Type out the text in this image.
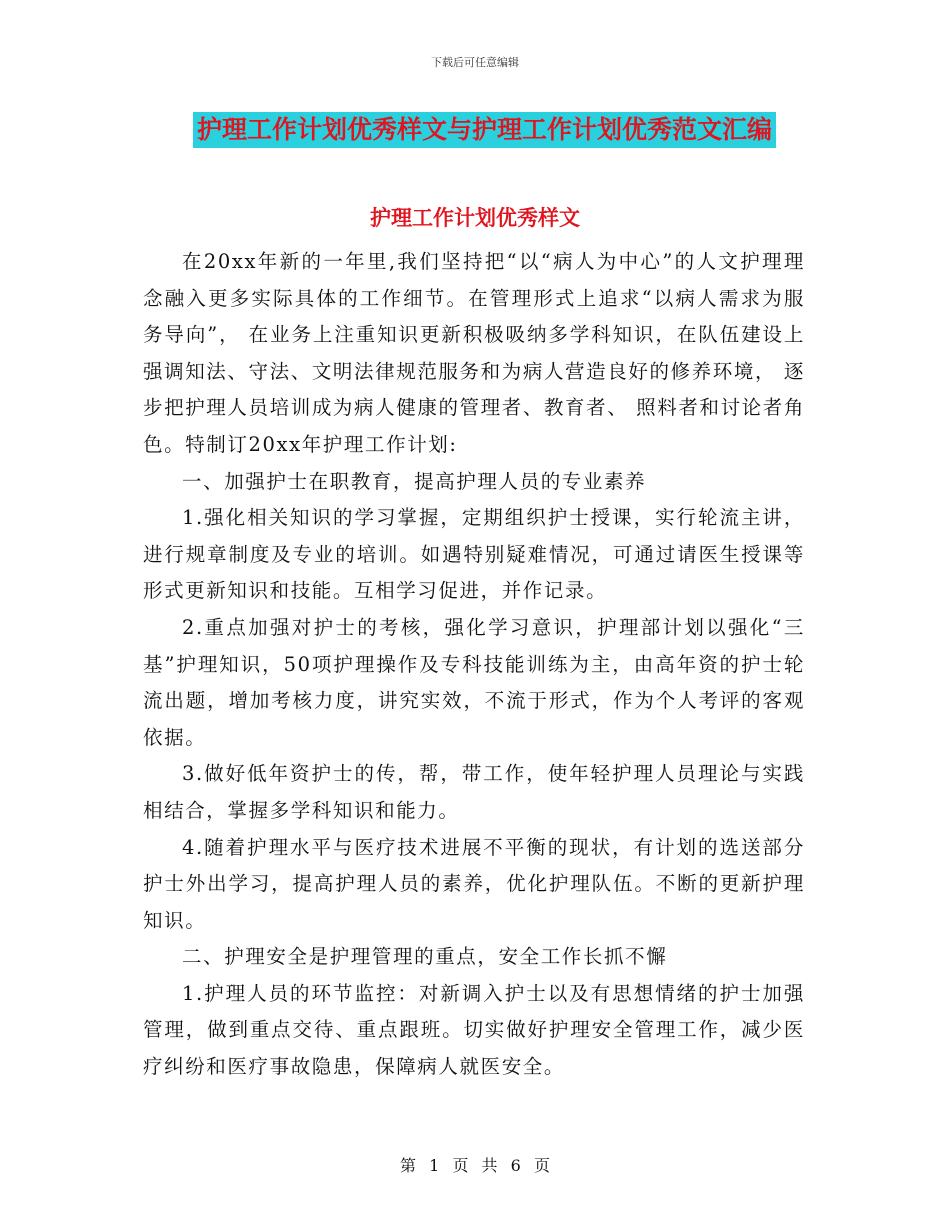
下载后可任意编辑
护理工作计划优秀样文与护理工作计划优秀范文汇编
护理工作计划优秀样文

在20xx年新的一年里,我们坚持把“以“病人为中心”的人文护理理念融入更多实际具体的工作细节。在管理形式上追求“以病人需求为服务导向”， 在业务上注重知识更新积极吸纳多学科知识，在队伍建设上强调知法、守法、文明法律规范服务和为病人营造良好的修养环境， 逐步把护理人员培训成为病人健康的管理者、教育者、 照料者和讨论者角色。特制订20xx年护理工作计划:

一、加强护士在职教育，提高护理人员的专业素养

1.强化相关知识的学习掌握，定期组织护士授课，实行轮流主讲，进行规章制度及专业的培训。如遇特别疑难情况，可通过请医生授课等形式更新知识和技能。互相学习促进，并作记录。

2.重点加强对护士的考核，强化学习意识，护理部计划以强化“三基”护理知识，50项护理操作及专科技能训练为主，由高年资的护士轮流出题，增加考核力度，讲究实效，不流于形式，作为个人考评的客观依据。

3.做好低年资护士的传，帮，带工作，使年轻护理人员理论与实践相结合，掌握多学科知识和能力。

4.随着护理水平与医疗技术进展不平衡的现状，有计划的选送部分护士外出学习，提高护理人员的素养，优化护理队伍。不断的更新护理知识。

二、护理安全是护理管理的重点，安全工作长抓不懈

1.护理人员的环节监控：对新调入护士以及有思想情绪的护士加强管理，做到重点交待、重点跟班。切实做好护理安全管理工作，减少医疗纠纷和医疗事故隐患，保障病人就医安全。

第 1 页 共 6 页
